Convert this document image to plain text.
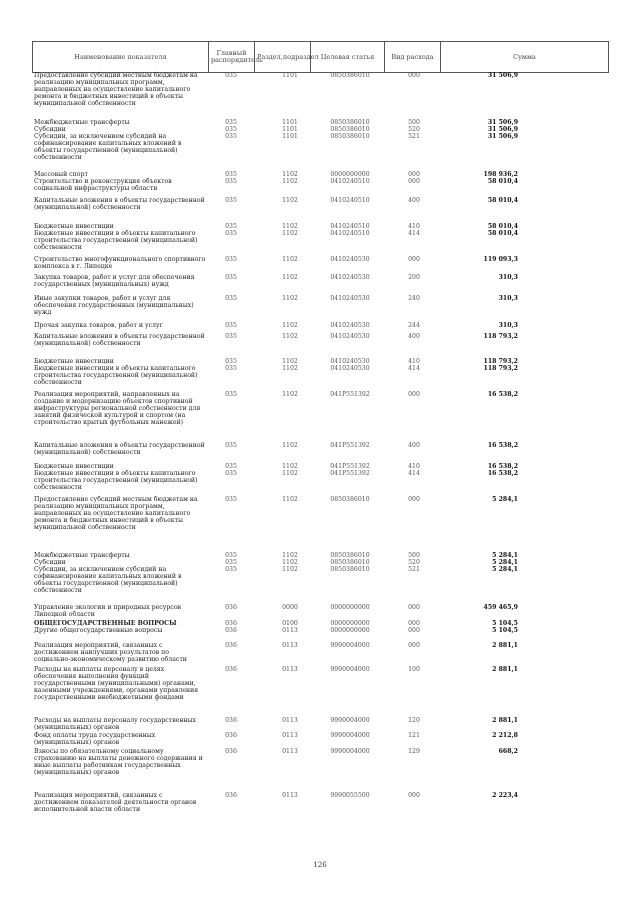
Наименование показателя	Главный распорядитель	Раздел,подраздел	Целевая статья	Вид расхода	Сумма
Предоставление субсидий местным бюджетам на реализацию муниципальных программ, направленных на осуществление капитального ремонта и бюджетных инвестиций в объекты муниципальной собственности
035	1101	0850386010	000	31 506,9
Межбюджетные трансферты	035	1101	0850386010	500	31 506,9
Субсидии	035	1101	0850386010	520	31 506,9
Субсидии, за исключением субсидий на софинансирование капитальных вложений в объекты государственной (муниципальной) собственности
035	1101	0850386010	521	31 506,9
Массовый спорт	035	1102	0000000000	000	198 936,2
Строительство и реконструкция объектов социальной инфраструктуры области
035	1102	0410240510	000	58 010,4
Капитальные вложения в объекты государственной (муниципальной) собственности
035	1102	0410240510	400	58 010,4
Бюджетные инвестиции	035	1102	0410240510	410	58 010,4
Бюджетные инвестиции в объекты капитального строительства государственной (муниципальной) собственности
035	1102	0410240510	414	58 010,4
Строительство многофункционального спортивного комплекса в г. Липецке
035	1102	0410240530	000	119 093,3
Закупка товаров, работ и услуг для обеспечения государственных (муниципальных) нужд
035	1102	0410240530	200	310,3
Иные закупки товаров, работ и услуг для обеспечения государственных (муниципальных) нужд
035	1102	0410240530	240	310,3
Прочая закупка товаров, работ и услуг	035	1102	0410240530	244	310,3
Капитальные вложения в объекты государственной (муниципальной) собственности
035	1102	0410240530	400	118 793,2
Бюджетные инвестиции	035	1102	0410240530	410	118 793,2
Бюджетные инвестиции в объекты капитального строительства государственной (муниципальной) собственности
035	1102	0410240530	414	118 793,2
Реализация мероприятий, направленных на создание и модернизацию объектов спортивной инфраструктуры региональной собственности для занятий физической культурой и спортом (на строительство крытых футбольных манежей)
035	1102	041P551392	000	16 538,2
Капитальные вложения в объекты государственной (муниципальной) собственности
035	1102	041P551392	400	16 538,2
Бюджетные инвестиции	035	1102	041P551392	410	16 538,2
Бюджетные инвестиции в объекты капитального строительства государственной (муниципальной) собственности
035	1102	041P551392	414	16 538,2
Предоставление субсидий местным бюджетам на реализацию муниципальных программ, направленных на осуществление капитального ремонта и бюджетных инвестиций в объекты муниципальной собственности
035	1102	0850386010	000	5 284,1
Межбюджетные трансферты	035	1102	0850386010	500	5 284,1
Субсидии	035	1102	0850386010	520	5 284,1
Субсидии, за исключением субсидий на софинансирование капитальных вложений в объекты государственной (муниципальной) собственности
035	1102	0850386010	521	5 284,1
Управление экологии и природных ресурсов Липецкой области
036	0000	0000000000	000	459 465,9
ОБЩЕГОСУДАРСТВЕННЫЕ ВОПРОСЫ	036	0100	0000000000	000	5 104,5
Другие общегосударственные вопросы	036	0113	0000000000	000	5 104,5
Реализация мероприятий, связанных с достижением наилучших результатов по социально-экономическому развитию области
036	0113	9990004000	000	2 881,1
Расходы на выплаты персоналу в целях обеспечения выполнения функций государственными (муниципальными) органами, казенными учреждениями, органами управления государственными внебюджетными фондами
036	0113	9990004000	100	2 881,1
Расходы на выплаты персоналу государственных (муниципальных) органов
036	0113	9990004000	120	2 881,1
Фонд оплаты труда государственных (муниципальных) органов
036	0113	9990004000	121	2 212,8
Взносы по обязательному социальному страхованию на выплаты денежного содержания и иные выплаты работникам государственных (муниципальных) органов
036	0113	9990004000	129	668,2
Реализация мероприятий, связанных с достижением показателей деятельности органов исполнительной власти области
036	0113	9990055500	000	2 223,4
126
